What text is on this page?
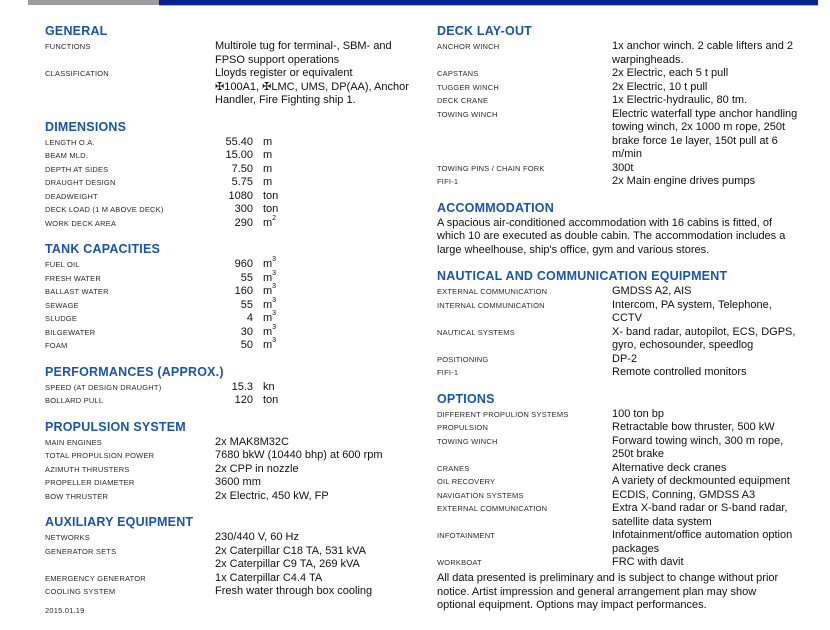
GENERAL
FUNCTIONS	Multirole tug for terminal-, SBM- and
FPSO support operations
CLASSIFICATION	Lloyds register or equivalent
✠100A1, ✠LMC, UMS, DP(AA), Anchor
Handler, Fire Fighting ship 1.
DIMENSIONS
LENGTH O.A.	55.40 m
BEAM MLD.	15.00 m
DEPTH AT SIDES	7.50 m
DRAUGHT DESIGN	5.75 m
DEADWEIGHT	1080 ton
DECK LOAD (1 M ABOVE DECK)	300 ton
WORK DECK AREA	290 $m^2$
TANK CAPACITIES
FUEL OIL	960 $m^3$
FRESH WATER	55 $m^3$
BALLAST WATER	160 $m^3$
SEWAGE	55 $m^3$
SLUDGE	4 $m^3$
BILGEWATER	30 $m^3$
FOAM	50 $m^3$
PERFORMANCES (APPROX.)
SPEED (AT DESIGN DRAUGHT)	15.3 kn
BOLLARD PULL	120 ton
PROPULSION SYSTEM
MAIN ENGINES	2x MAK8M32C
TOTAL PROPULSION POWER	7680 bkW (10440 bhp) at 600 rpm
AZIMUTH THRUSTERS	2x CPP in nozzle
PROPELLER DIAMETER	3600 mm
BOW THRUSTER	2x Electric, 450 kW, FP
AUXILIARY EQUIPMENT
NETWORKS	230/440 V, 60 Hz
GENERATOR SETS	2x Caterpillar C18 TA, 531 kVA
2x Caterpillar C9 TA, 269 kVA
EMERGENCY GENERATOR	1x Caterpillar C4.4 TA
COOLING SYSTEM	Fresh water through box cooling
DECK LAY-OUT
ANCHOR WINCH	1x anchor winch. 2 cable lifters and 2
warpingheads.
CAPSTANS	2x Electric, each 5 t pull
TUGGER WINCH	2x Electric, 10 t pull
DECK CRANE	1x Electric-hydraulic, 80 tm.
TOWING WINCH	Electric waterfall type anchor handling
towing winch, 2x 1000 m rope, 250t
brake force 1e layer, 150t pull at 6
m/min
TOWING PINS / CHAIN FORK	300t
FIFI-1	2x Main engine drives pumps
ACCOMMODATION
A spacious air-conditioned accommodation with 16 cabins is fitted, of
which 10 are executed as double cabin. The accommodation includes a
large wheelhouse, ship's office, gym and various stores.
NAUTICAL AND COMMUNICATION EQUIPMENT
EXTERNAL COMMUNICATION	GMDSS A2, AIS
INTERNAL COMMUNICATION	Intercom, PA system, Telephone,
CCTV
NAUTICAL SYSTEMS	X- band radar, autopilot, ECS, DGPS,
gyro, echosounder, speedlog
POSITIONING	DP-2
FIFI-1	Remote controlled monitors
OPTIONS
DIFFERENT PROPULION SYSTEMS	100 ton bp
PROPULSION	Retractable bow thruster, 500 kW
TOWING WINCH	Forward towing winch, 300 m rope,
250t brake
CRANES	Alternative deck cranes
OIL RECOVERY	A variety of deckmounted equipment
NAVIGATION SYSTEMS	ECDIS, Conning, GMDSS A3
EXTERNAL COMMUNICATION	Extra X-band radar or S-band radar,
satellite data system
INFOTAINMENT	Infotainment/office automation option
packages
WORKBOAT	FRC with davit
All data presented is preliminary and is subject to change without prior
notice. Artist impression and general arrangement plan may show
optional equipment. Options may impact performances.
2015.01.19
